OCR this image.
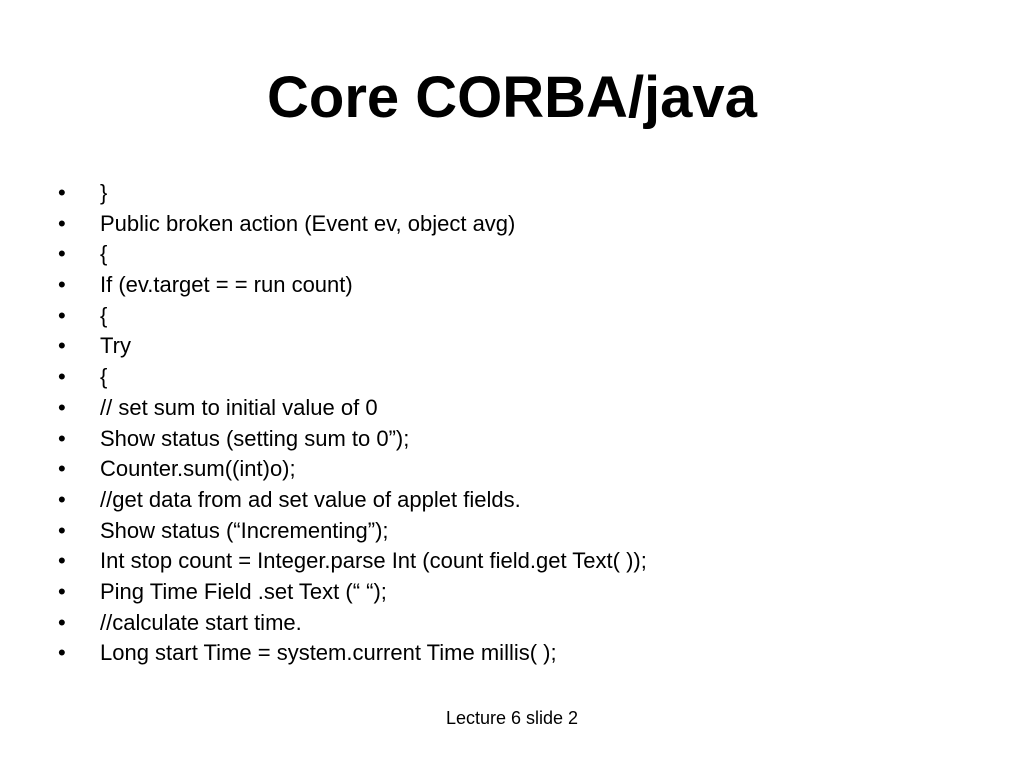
Core CORBA/java
•	}
•	Public broken action (Event ev, object avg)
•	{
•	If (ev.target = = run count)
•	{
•	Try
•	{
•	// set sum to initial value of 0
•	Show status (setting sum to 0”);
•	Counter.sum((int)o);
•	//get data from ad set value of applet fields.
•	Show status (“Incrementing”);
•	Int stop count = Integer.parse Int (count field.get Text( ));
•	Ping Time Field .set Text (“ “);
•	//calculate start time.
•	Long start Time = system.current Time millis( );
Lecture 6 slide 2
